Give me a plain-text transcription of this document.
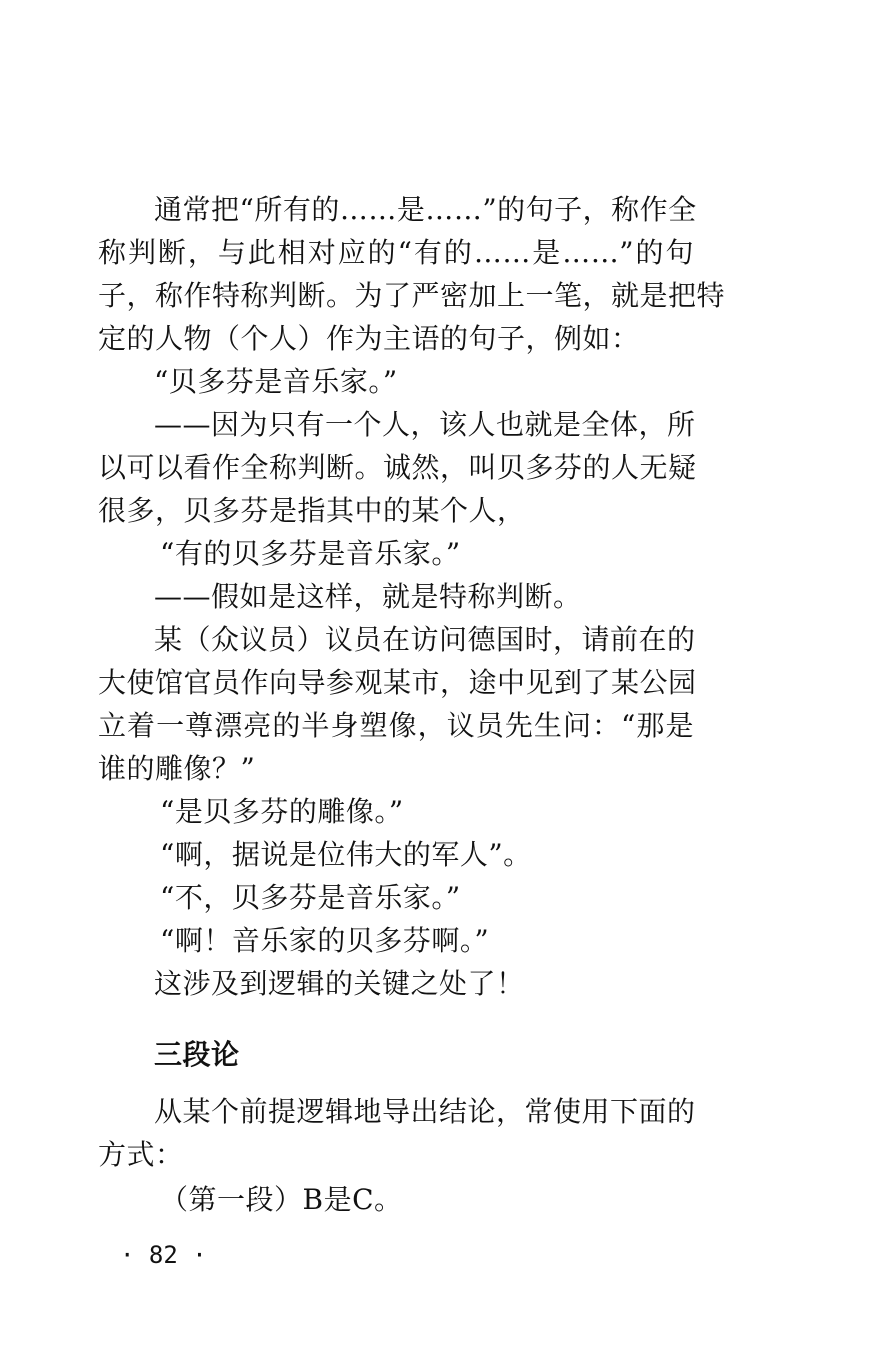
通常把“所有的……是……”的句子，称作全
称判断，与此相对应的“有的……是……”的句
子，称作特称判断。为了严密加上一笔，就是把特
定的人物（个人）作为主语的句子，例如：
“贝多芬是音乐家。”
——因为只有一个人，该人也就是全体，所
以可以看作全称判断。诚然，叫贝多芬的人无疑
很多，贝多芬是指其中的某个人，
“有的贝多芬是音乐家。”
——假如是这样，就是特称判断。
某（众议员）议员在访问德国时，请前在的
大使馆官员作向导参观某市，途中见到了某公园
立着一尊漂亮的半身塑像，议员先生问：“那是
谁的雕像？”
“是贝多芬的雕像。”
“啊，据说是位伟大的军人”。
“不，贝多芬是音乐家。”
“啊！音乐家的贝多芬啊。”
这涉及到逻辑的关键之处了！
三段论
从某个前提逻辑地导出结论，常使用下面的
方式：
（第一段）B是C。
· 82 ·
